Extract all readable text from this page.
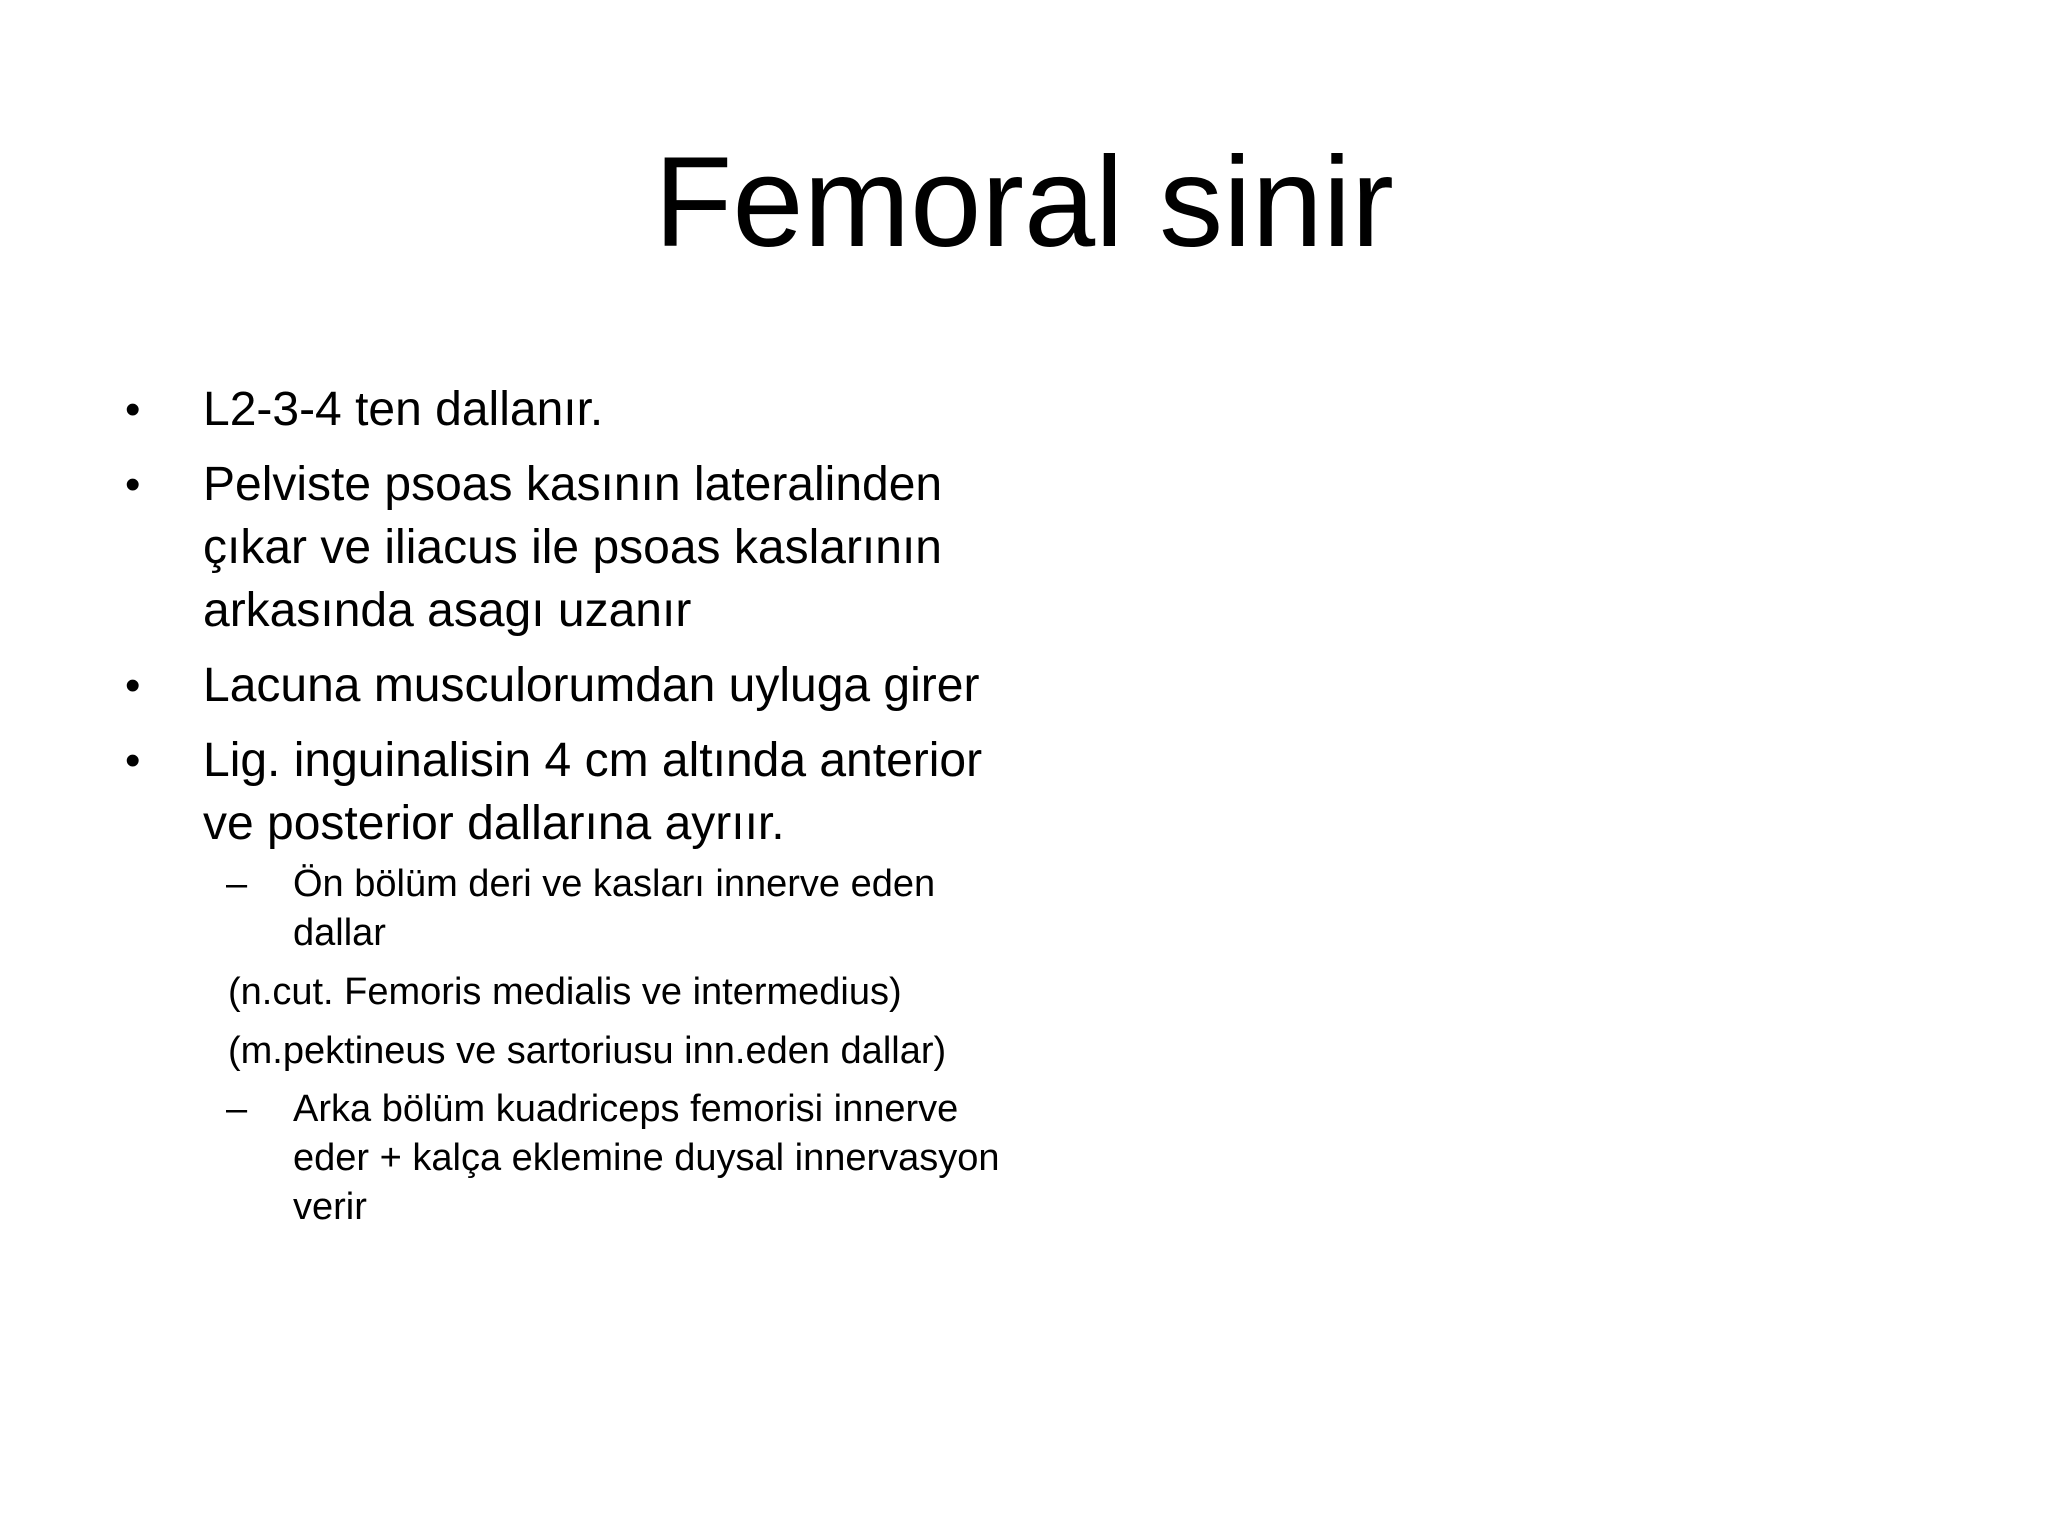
Femoral sinir
• L2-3-4 ten dallanır.
• Pelviste psoas kasının lateralinden
çıkar ve iliacus ile psoas kaslarının
arkasında asagı uzanır
• Lacuna musculorumdan uyluga girer
• Lig. inguinalisin 4 cm altında anterior
ve posterior dallarına ayrıır.
– Ön bölüm deri ve kasları innerve eden
dallar
(n.cut. Femoris medialis ve intermedius)
(m.pektineus ve sartoriusu inn.eden dallar)
– Arka bölüm kuadriceps femorisi innerve
eder + kalça eklemine duysal innervasyon
verir
